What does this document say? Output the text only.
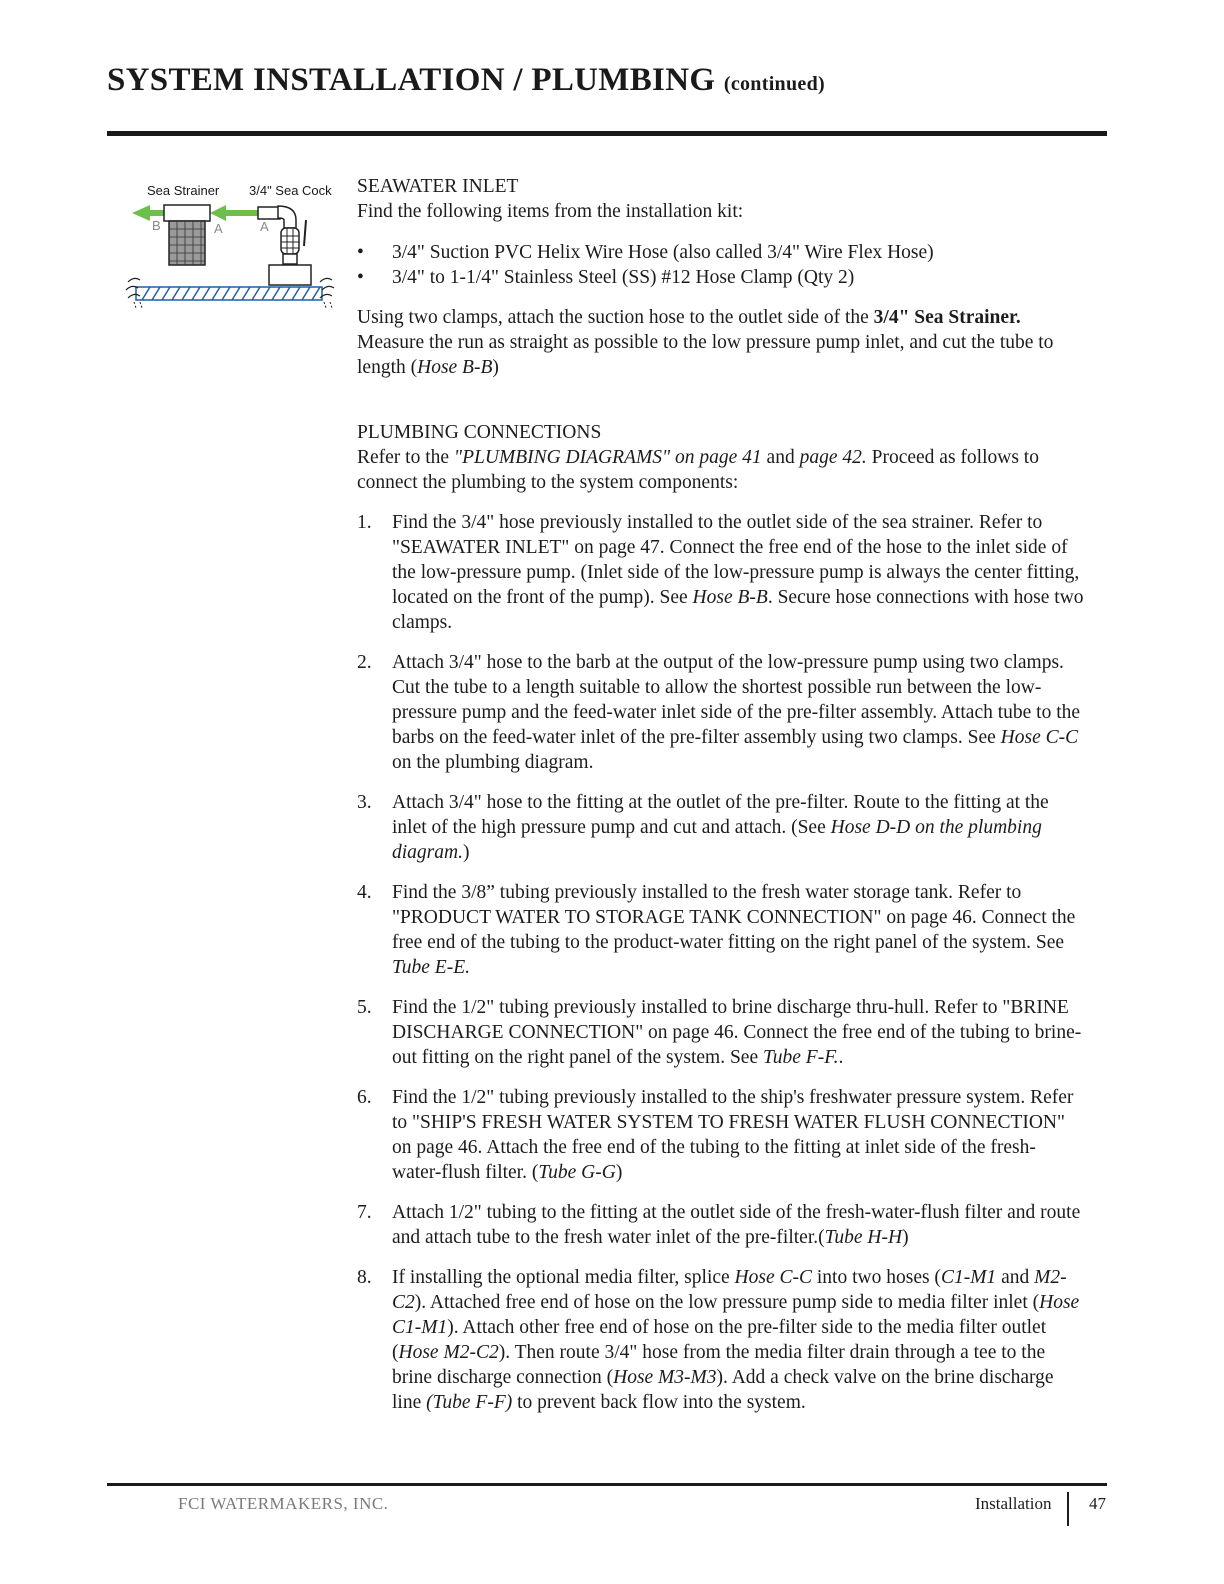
SYSTEM INSTALLATION / PLUMBING (continued)
Sea Strainer 3/4" Sea Cock
B	A	A

SEAWATER INLET

Find the following items from the installation kit:

• 3/4" Suction PVC Helix Wire Hose (also called 3/4" Wire Flex Hose)
• 3/4" to 1-1/4" Stainless Steel (SS) #12 Hose Clamp (Qty 2)

Using two clamps, attach the suction hose to the outlet side of the 3/4" Sea Strainer. Measure the run as straight as possible to the low pressure pump inlet, and cut the tube to length (Hose B-B)

PLUMBING CONNECTIONS

Refer to the "PLUMBING DIAGRAMS" on page 41 and page 42. Proceed as follows to connect the plumbing to the system components:

1. Find the 3/4" hose previously installed to the outlet side of the sea strainer. Refer to "SEAWATER INLET" on page 47. Connect the free end of the hose to the inlet side of the low-pressure pump. (Inlet side of the low-pressure pump is always the center fitting, located on the front of the pump). See Hose B-B. Secure hose connections with hose two clamps.
2. Attach 3/4" hose to the barb at the output of the low-pressure pump using two clamps. Cut the tube to a length suitable to allow the shortest possible run between the low-pressure pump and the feed-water inlet side of the pre-filter assembly. Attach tube to the barbs on the feed-water inlet of the pre-filter assembly using two clamps. See Hose C-C on the plumbing diagram.
3. Attach 3/4" hose to the fitting at the outlet of the pre-filter. Route to the fitting at the inlet of the high pressure pump and cut and attach. (See Hose D-D on the plumbing diagram.)
4. Find the 3/8” tubing previously installed to the fresh water storage tank. Refer to "PRODUCT WATER TO STORAGE TANK CONNECTION" on page 46. Connect the free end of the tubing to the product-water fitting on the right panel of the system. See Tube E-E.
5. Find the 1/2" tubing previously installed to brine discharge thru-hull. Refer to "BRINE DISCHARGE CONNECTION" on page 46. Connect the free end of the tubing to brine-out fitting on the right panel of the system. See Tube F-F..
6. Find the 1/2" tubing previously installed to the ship's freshwater pressure system. Refer to "SHIP'S FRESH WATER SYSTEM TO FRESH WATER FLUSH CONNECTION" on page 46. Attach the free end of the tubing to the fitting at inlet side of the fresh-water-flush filter. (Tube G-G)
7. Attach 1/2" tubing to the fitting at the outlet side of the fresh-water-flush filter and route and attach tube to the fresh water inlet of the pre-filter.(Tube H-H)
8. If installing the optional media filter, splice Hose C-C into two hoses (C1-M1 and M2-C2). Attached free end of hose on the low pressure pump side to media filter inlet (Hose C1-M1). Attach other free end of hose on the pre-filter side to the media filter outlet (Hose M2-C2). Then route 3/4" hose from the media filter drain through a tee to the brine discharge connection (Hose M3-M3). Add a check valve on the brine discharge line (Tube F-F) to prevent back flow into the system.
FCI WATERMAKERS, INC.	Installation 47
